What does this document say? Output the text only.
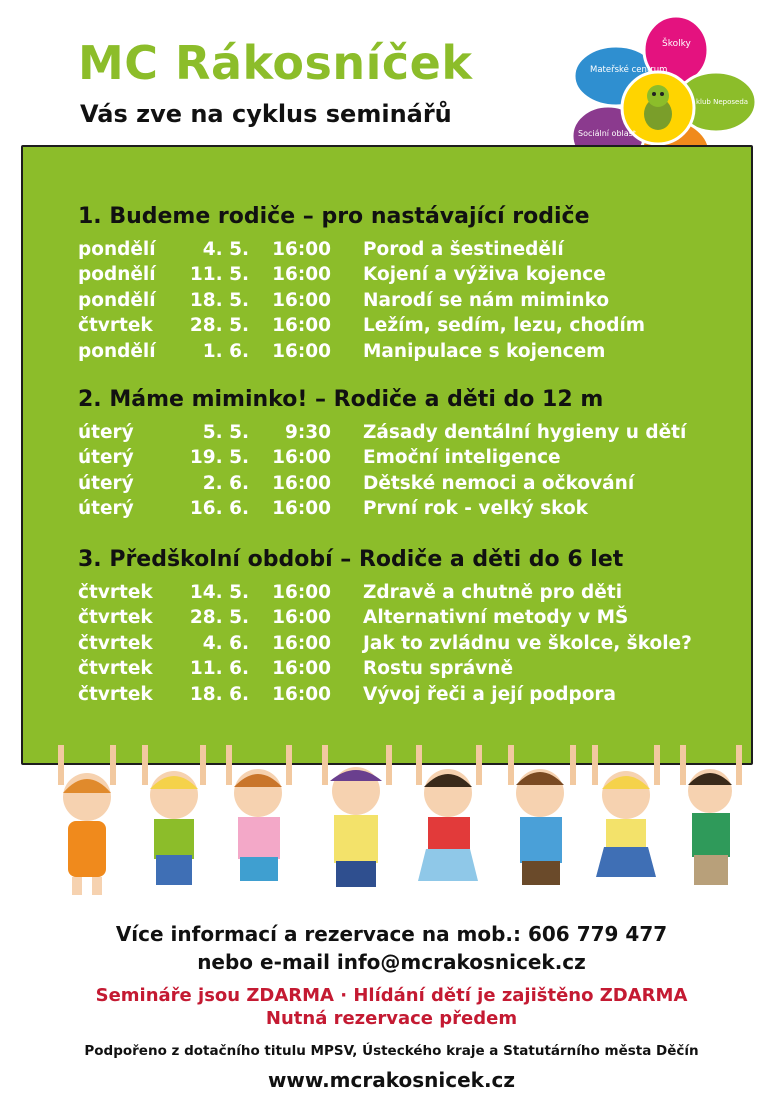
MC Rákosníček
Vás zve na cyklus seminářů
Mateřské centrum
Školky
klub Neposeda
Sociální oblast
1. Budeme rodiče – pro nastávající rodiče
pondělí	4. 5.	16:00 Porod a šestinedělí
podnělí	11. 5.	16:00 Kojení a výživa kojence
pondělí	18. 5.	16:00 Narodí se nám miminko
čtvrtek	28. 5.	16:00 Ležím, sedím, lezu, chodím
pondělí	1. 6.	16:00 Manipulace s kojencem
2. Máme miminko! – Rodiče a děti do 12 m
úterý	5. 5.	9:30 Zásady dentální hygieny u dětí
úterý	19. 5.	16:00 Emoční inteligence
úterý	2. 6.	16:00 Dětské nemoci a očkování
úterý	16. 6.	16:00 První rok - velký skok
3. Předškolní období – Rodiče a děti do 6 let
čtvrtek	14. 5.	16:00 Zdravě a chutně pro děti
čtvrtek	28. 5.	16:00 Alternativní metody v MŠ
čtvrtek	4. 6.	16:00 Jak to zvládnu ve školce, škole?
čtvrtek	11. 6.	16:00 Rostu správně
čtvrtek	18. 6.	16:00 Vývoj řeči a její podpora
Více informací a rezervace na mob.: 606 779 477
nebo e-mail info@mcrakosnicek.cz
Semináře jsou ZDARMA · Hlídání dětí je zajištěno ZDARMA
Nutná rezervace předem
Podpořeno z dotačního titulu MPSV, Ústeckého kraje a Statutárního města Děčín
www.mcrakosnicek.cz
